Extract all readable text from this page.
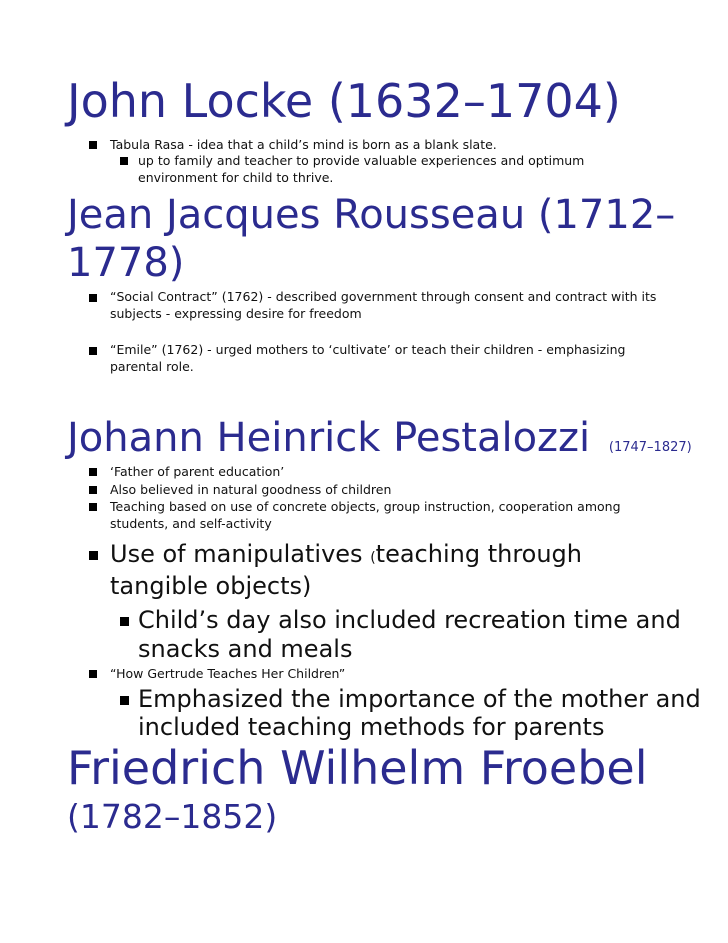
John Locke (1632–1704)

Tabula Rasa - idea that a child’s mind is born as a blank slate.

up to family and teacher to provide valuable experiences and optimum

environment for child to thrive.

Jean Jacques Rousseau (1712–
1778)

“Social Contract” (1762) - described government through consent and contract with its

subjects - expressing desire for freedom

“Emile” (1762) - urged mothers to ‘cultivate’ or teach their children - emphasizing

parental role.

Johann Heinrick Pestalozzi (1747–1827)

‘Father of parent education’

Also believed in natural goodness of children

Teaching based on use of concrete objects, group instruction, cooperation among

students, and self-activity

Use of manipulatives (teaching through

tangible objects)

Child’s day also included recreation time and

snacks and meals

“How Gertrude Teaches Her Children”

Emphasized the importance of the mother and

included teaching methods for parents

Friedrich Wilhelm Froebel
(1782–1852)
